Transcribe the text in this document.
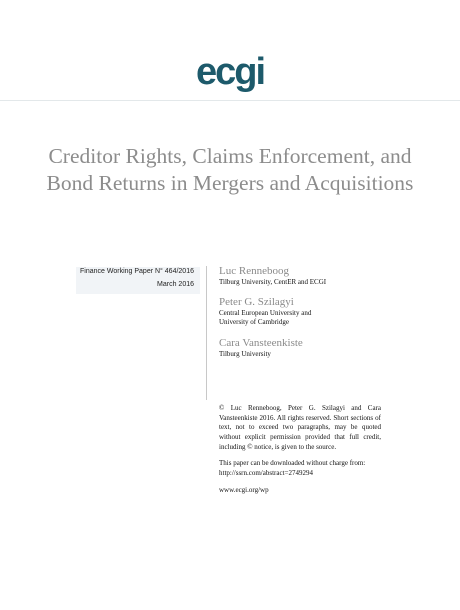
ecgi
Creditor Rights, Claims Enforcement, and Bond Returns in Mergers and Acquisitions
Finance Working Paper N° 464/2016
March 2016
Luc Renneboog
Tilburg University, CentER and ECGI
Peter G. Szilagyi
Central European University and
University of Cambridge
Cara Vansteenkiste
Tilburg University
© Luc Renneboog, Peter G. Szilagyi and Cara Vansteenkiste 2016. All rights reserved. Short sections of text, not to exceed two paragraphs, may be quoted without explicit permission provided that full credit, including © notice, is given to the source.
This paper can be downloaded without charge from:
http://ssrn.com/abstract=2749294
www.ecgi.org/wp
